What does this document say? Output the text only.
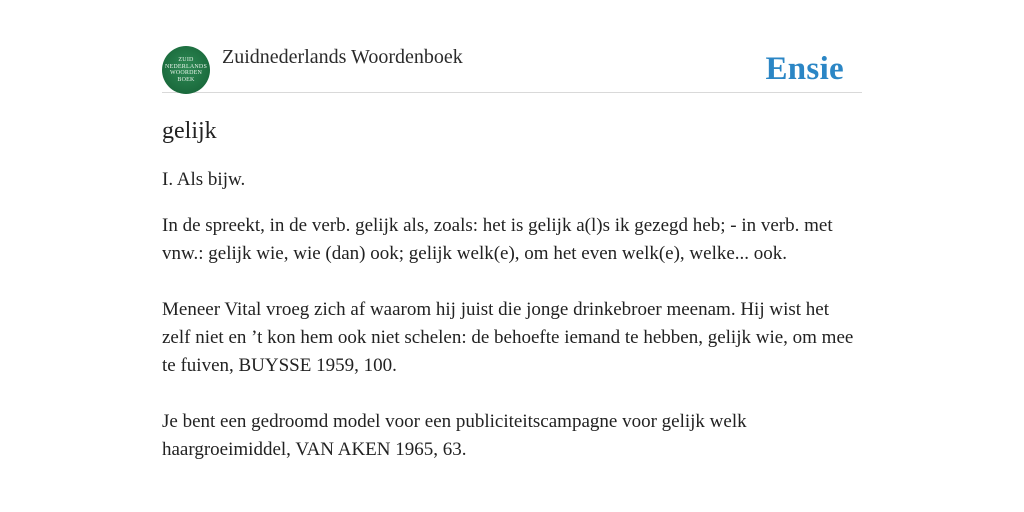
ZUID
NEDERLANDS
WOORDEN
BOEK
Zuidnederlands Woordenboek	Ensie
gelijk

I. Als bijw.

In de spreekt, in de verb. gelijk als, zoals: het is gelijk a(l)s ik gezegd heb; - in verb. met vnw.: gelijk wie, wie (dan) ook; gelijk welk(e), om het even welk(e), welke... ook.

Meneer Vital vroeg zich af waarom hij juist die jonge drinkebroer meenam. Hij wist het zelf niet en ’t kon hem ook niet schelen: de behoefte iemand te hebben, gelijk wie, om mee te fuiven, BUYSSE 1959, 100.

Je bent een gedroomd model voor een publiciteitscampagne voor gelijk welk haargroeimiddel, VAN AKEN 1965, 63.
